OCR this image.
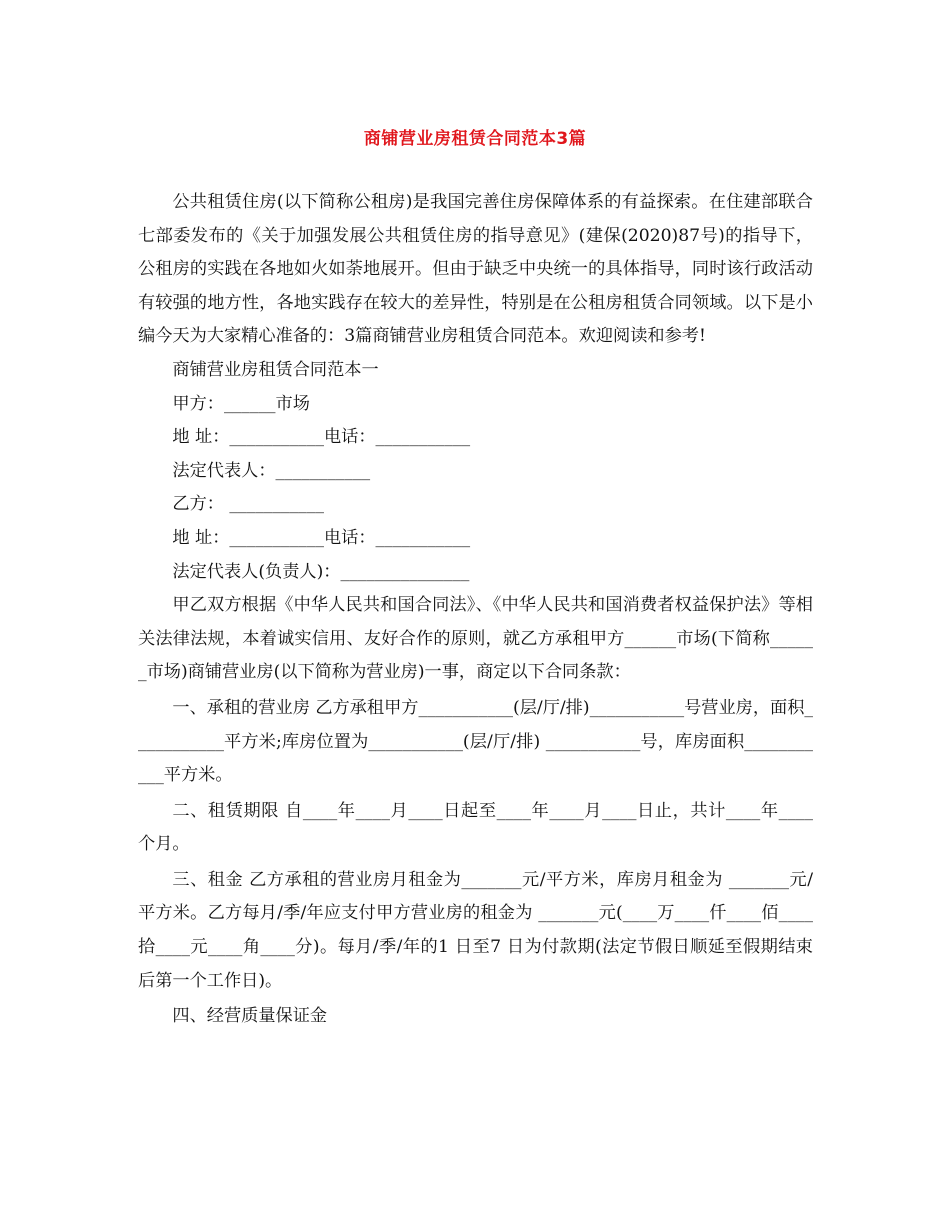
商铺营业房租赁合同范本3篇

公共租赁住房(以下简称公租房)是我国完善住房保障体系的有益探索。在住建部联合七部委发布的《关于加强发展公共租赁住房的指导意见》(建保(2020)87号)的指导下，公租房的实践在各地如火如荼地展开。但由于缺乏中央统一的具体指导，同时该行政活动有较强的地方性，各地实践存在较大的差异性，特别是在公租房租赁合同领域。以下是小编今天为大家精心准备的：3篇商铺营业房租赁合同范本。欢迎阅读和参考!

商铺营业房租赁合同范本一

甲方：______市场

地 址：___________电话：___________

法定代表人：___________

乙方： ___________

地 址：___________电话：___________

法定代表人(负责人)：_______________

甲乙双方根据《中华人民共和国合同法》、《中华人民共和国消费者权益保护法》等相关法律法规，本着诚实信用、友好合作的原则，就乙方承租甲方______市场(下简称______市场)商铺营业房(以下简称为营业房)一事，商定以下合同条款：

一、承租的营业房 乙方承租甲方___________(层/厅/排)___________号营业房，面积___________平方米;库房位置为___________(层/厅/排) ___________号，库房面积___________平方米。

二、租赁期限 自____年____月____日起至____年____月____日止，共计____年____ 个月。

三、租金 乙方承租的营业房月租金为_______元/平方米，库房月租金为 _______元/平方米。乙方每月/季/年应支付甲方营业房的租金为 _______元(____万____仟____佰____拾____元____角____分)。每月/季/年的1 日至7 日为付款期(法定节假日顺延至假期结束后第一个工作日)。

四、经营质量保证金
